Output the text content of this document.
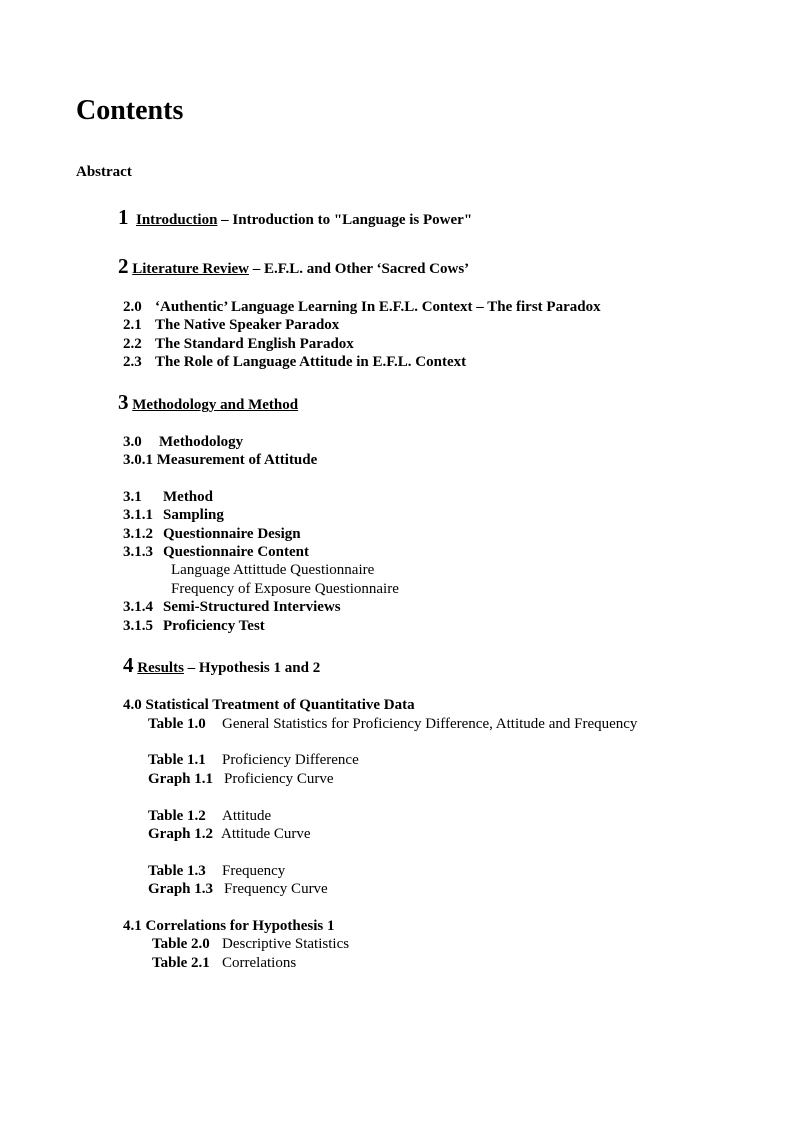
Contents
Abstract
1 Introduction – Introduction to "Language is Power"
2 Literature Review – E.F.L. and Other ‘Sacred Cows’
2.0 ‘Authentic’ Language Learning In E.F.L. Context – The first Paradox
2.1 The Native Speaker Paradox
2.2 The Standard English Paradox
2.3 The Role of Language Attitude in E.F.L. Context
3 Methodology and Method
3.0 Methodology
3.0.1 Measurement of Attitude
3.1 Method
3.1.1 Sampling
3.1.2 Questionnaire Design
3.1.3 Questionnaire Content
Language Attittude Questionnaire
Frequency of Exposure Questionnaire
3.1.4 Semi-Structured Interviews
3.1.5 Proficiency Test
4 Results – Hypothesis 1 and 2
4.0 Statistical Treatment of Quantitative Data
Table 1.0 General Statistics for Proficiency Difference, Attitude and Frequency
Table 1.1 Proficiency Difference
Graph 1.1 Proficiency Curve
Table 1.2 Attitude
Graph 1.2 Attitude Curve
Table 1.3 Frequency
Graph 1.3 Frequency Curve
4.1 Correlations for Hypothesis 1
Table 2.0 Descriptive Statistics
Table 2.1 Correlations
